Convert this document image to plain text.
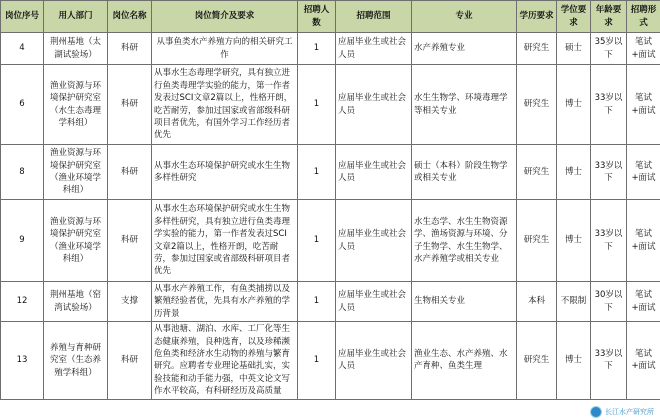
岗位序号	用人部门	岗位名称	岗位简介及要求	招聘人数	招聘范围	专业	学历要求	学位要求	年龄要求	招聘形式
4	荆州基地（太湖试验场）	科研	从事鱼类水产养殖方向的相关研究工作	1	应届毕业生或社会人员	水产养殖专业	研究生	硕士	35岁以下	笔试+面试
6	渔业资源与环境保护研究室（水生态毒理学科组）	科研	从事水生态毒理学研究，具有独立进行鱼类毒理学实验的能力，第一作者发表过SCI文章2篇以上，性格开朗，吃苦耐劳，参加过国家或省部级科研项目者优先，有国外学习工作经历者优先	1	应届毕业生或社会人员	水生生物学、环境毒理学等相关专业	研究生	博士	33岁以下	笔试+面试
8	渔业资源与环境保护研究室（渔业环境学科组）	科研	从事水生态环境保护研究或水生生物多样性研究	1	应届毕业生或社会人员	硕士（本科）阶段生物学或相关专业	研究生	博士	33岁以下	笔试+面试
9	渔业资源与环境保护研究室（渔业环境学科组）	科研	从事水生态环境保护研究或水生生物多样性研究，具有独立进行鱼类毒理学实验的能力，第一作者发表过SCI文章2篇以上，性格开朗，吃苦耐劳，参加过国家或省部级科研项目者优先	1	应届毕业生或社会人员	水生态学、水生生物资源学、渔场资源与环境、分子生物学、水生生物学、水产养殖学或相关专业	研究生	博士	33岁以下	笔试+面试
12	荆州基地（窑湾试验场）	支撑	从事水产养殖工作，有鱼类捕捞以及繁殖经验者优，先具有水产养殖的学历背景	1	应届毕业生或社会人员	生物相关专业	本科	不限制	30岁以下	笔试+面试
13	养殖与育种研究室（生态养殖学科组）	科研	从事池塘、湖泊、水库、工厂化等生态健康养殖，良种选育，以及珍稀濒危鱼类和经济水生动物的养殖与繁育研究。应聘者专业理论基础扎实，实验技能和动手能力强，中英文论文写作水平较高，有科研经历及高质量	1	应届毕业生或社会人员	渔业生态、水产养殖、水产育种、鱼类生理	研究生	博士	33岁以下	笔试+面试
长江水产研究所
